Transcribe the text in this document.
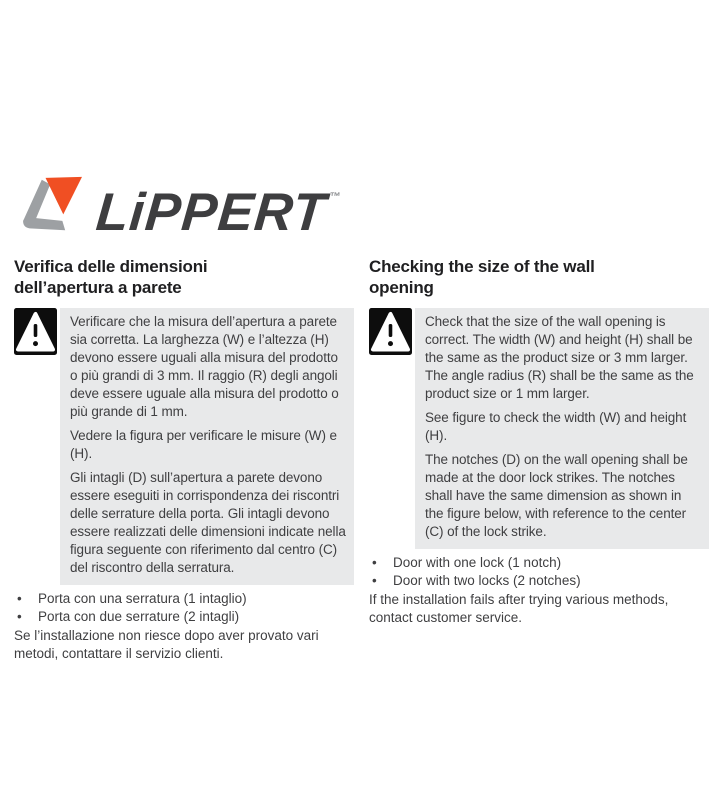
LiPPERT™
Verifica delle dimensioni
dell’apertura a parete

Verificare che la misura dell’apertura a parete sia corretta. La larghezza (W) e l’altezza (H) devono essere uguali alla misura del prodotto o più grandi di 3 mm. Il raggio (R) degli angoli deve essere uguale alla misura del prodotto o più grande di 1 mm.

Vedere la figura per verificare le misure (W) e (H).

Gli intagli (D) sull’apertura a parete devono essere eseguiti in corrispondenza dei riscontri delle serrature della porta. Gli intagli devono essere realizzati delle dimensioni indicate nella figura seguente con riferimento dal centro (C) del riscontro della serratura.

•	Porta con una serratura (1 intaglio)
•	Porta con due serrature (2 intagli)

Se l’installazione non riesce dopo aver provato vari metodi, contattare il servizio clienti.

Checking the size of the wall
opening

Check that the size of the wall opening is correct. The width (W) and height (H) shall be the same as the product size or 3 mm larger. The angle radius (R) shall be the same as the product size or 1 mm larger.

See figure to check the width (W) and height (H).

The notches (D) on the wall opening shall be made at the door lock strikes. The notches shall have the same dimension as shown in the figure below, with reference to the center (C) of the lock strike.

•	Door with one lock (1 notch)
•	Door with two locks (2 notches)

If the installation fails after trying various methods, contact customer service.
